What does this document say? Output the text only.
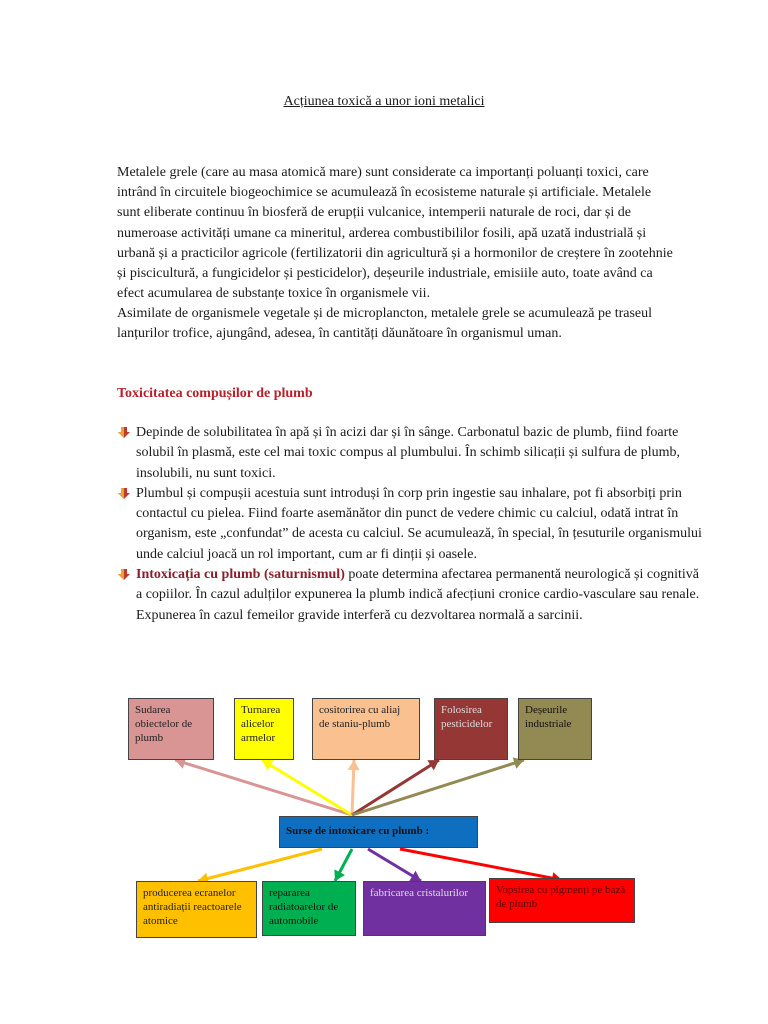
Acțiunea toxică a unor ioni metalici

Metalele grele (care au masa atomică mare) sunt considerate ca importanți poluanți toxici, care intrând în circuitele biogeochimice se acumulează în ecosisteme naturale și artificiale. Metalele sunt eliberate continuu în biosferă de erupții vulcanice, intemperii naturale de roci, dar și de numeroase activități umane ca mineritul, arderea combustibililor fosili, apă uzată industrială și urbană și a practicilor agricole (fertilizatorii din agricultură și a hormonilor de creștere în zootehnie și piscicultură, a fungicidelor și pesticidelor), deșeurile industriale, emisiile auto, toate având ca efect acumularea de substanțe toxice în organismele vii.

Asimilate de organismele vegetale și de microplancton, metalele grele se acumulează pe traseul lanțurilor trofice, ajungând, adesea, în cantități dăunătoare în organismul uman.

Toxicitatea compușilor de plumb
Depinde de solubilitatea în apă și în acizi dar și în sânge. Carbonatul bazic de plumb, fiind foarte solubil în plasmă, este cel mai toxic compus al plumbului. În schimb silicații și sulfura de plumb, insolubili, nu sunt toxici.
Plumbul și compușii acestuia sunt introduși în corp prin ingestie sau inhalare, pot fi absorbiți prin contactul cu pielea. Fiind foarte asemănător din punct de vedere chimic cu calciul, odată intrat în organism, este „confundat” de acesta cu calciul. Se acumulează, în special, în țesuturile organismului unde calciul joacă un rol important, cum ar fi dinții și oasele.
Intoxicația cu plumb (saturnismul) poate determina afectarea permanentă neurologică și cognitivă a copiilor. În cazul adulților expunerea la plumb indică afecțiuni cronice cardio-vasculare sau renale. Expunerea în cazul femeilor gravide interferă cu dezvoltarea normală a sarcinii.
Sudarea obiectelor de plumb
Turnarea alicelor armelor
cositorirea cu aliaj de staniu-plumb
Folosirea pesticidelor
Deșeurile industriale
Surse de intoxicare cu plumb :
producerea ecranelor antiradiații reactoarele atomice
repararea radiatoarelor de automobile
fabricarea cristalurilor	Vopsirea cu pigmenți pe bază de plumb
